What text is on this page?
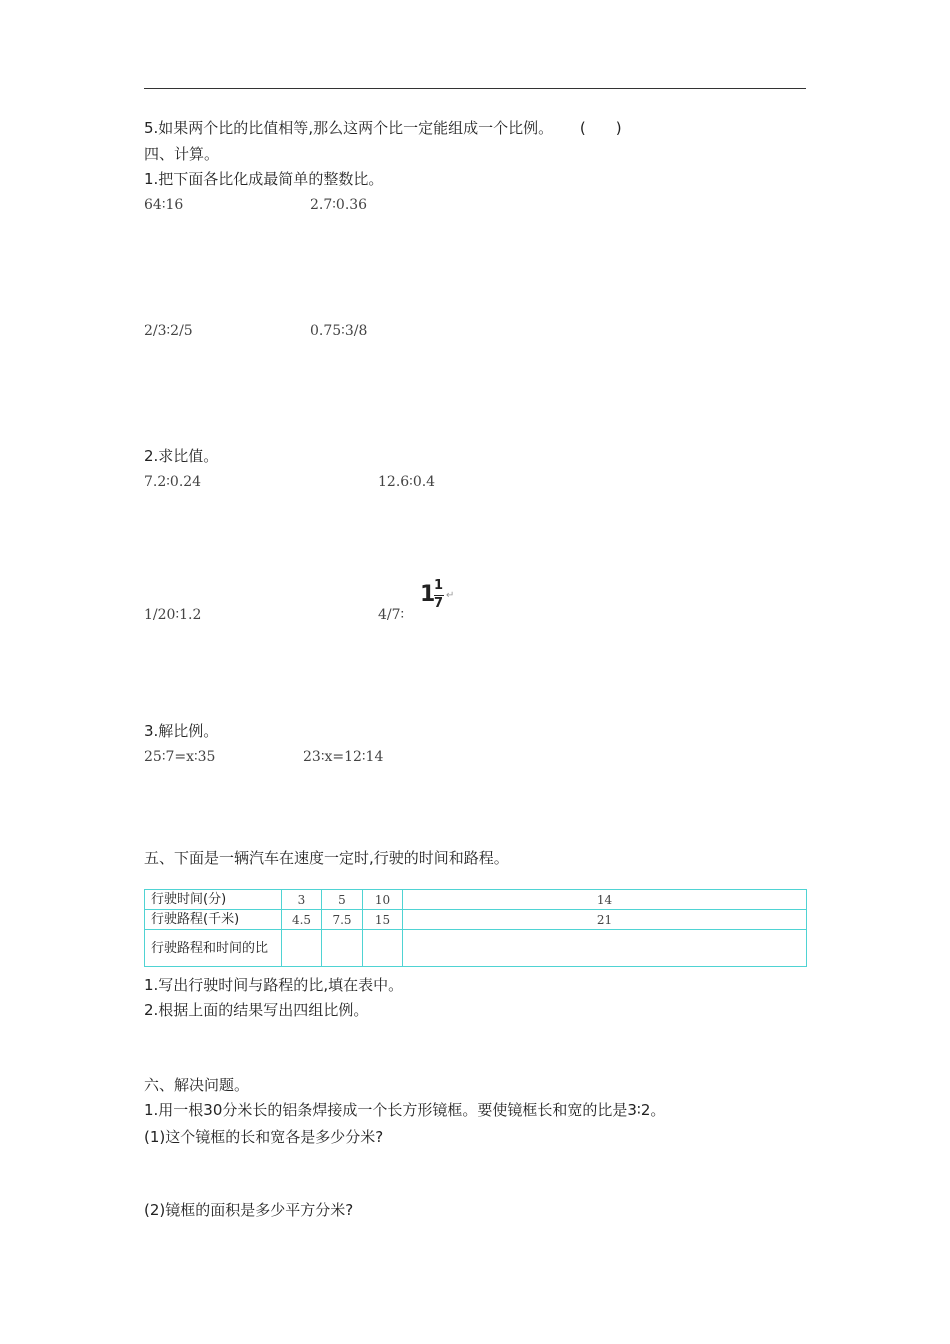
5.如果两个比的比值相等,那么这两个比一定能组成一个比例。 (　　)
四、计算。
1.把下面各比化成最简单的整数比。
64∶16	2.7∶0.36
2/3∶2/5	0.75∶3/8
2.求比值。
7.2∶0.24	12.6∶0.4
1/20∶1.2	4/7∶
1
1
7
↵
3.解比例。
25∶7=x∶35	23∶x=12∶14
五、下面是一辆汽车在速度一定时,行驶的时间和路程。
行驶时间(分)	3	5	10	14
行驶路程(千米)	4.5	7.5	15	21
行驶路程和时间的比				
1.写出行驶时间与路程的比,填在表中。
2.根据上面的结果写出四组比例。
六、解决问题。
1.用一根30分米长的铝条焊接成一个长方形镜框。要使镜框长和宽的比是3∶2。
(1)这个镜框的长和宽各是多少分米?
(2)镜框的面积是多少平方分米?
